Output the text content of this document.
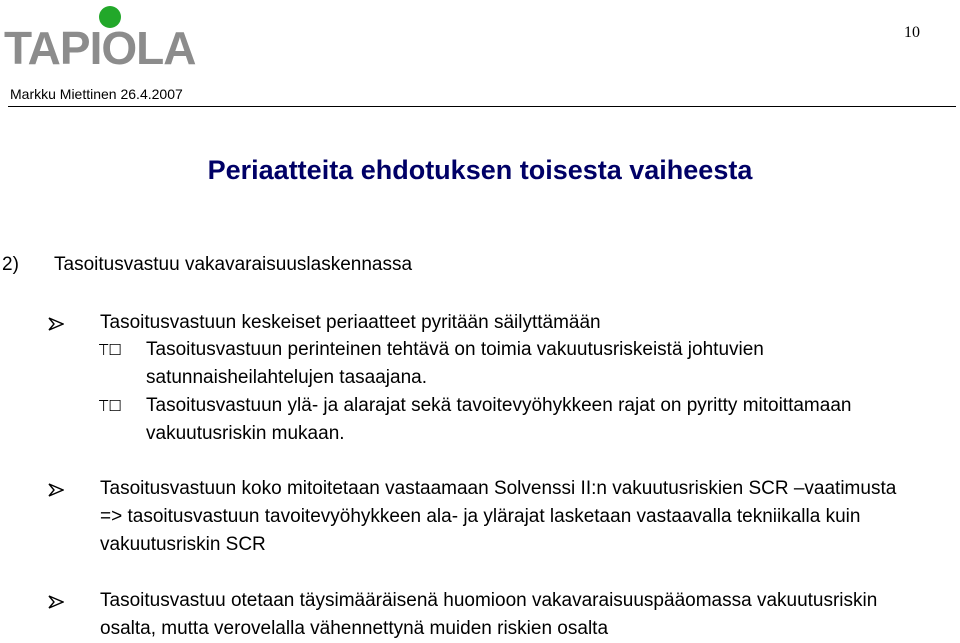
TAPIOLA	10
Markku Miettinen 26.4.2007
Periaatteita ehdotuksen toisesta vaiheesta
2) Tasoitusvastuu vakavaraisuuslaskennassa
Tasoitusvastuun keskeiset periaatteet pyritään säilyttämään
ꔋ☐	Tasoitusvastuun perinteinen tehtävä on toimia vakuutusriskeistä johtuvien satunnaisheilahtelujen tasaajana.
ꔋ☐	Tasoitusvastuun ylä- ja alarajat sekä tavoitevyöhykkeen rajat on pyritty mitoittamaan vakuutusriskin mukaan.
Tasoitusvastuun koko mitoitetaan vastaamaan Solvenssi II:n vakuutusriskien SCR –vaatimusta => tasoitusvastuun tavoitevyöhykkeen ala- ja ylärajat lasketaan vastaavalla tekniikalla kuin vakuutusriskin SCR
Tasoitusvastuu otetaan täysimääräisenä huomioon vakavaraisuuspääomassa vakuutusriskin osalta, mutta verovelalla vähennettynä muiden riskien osalta
